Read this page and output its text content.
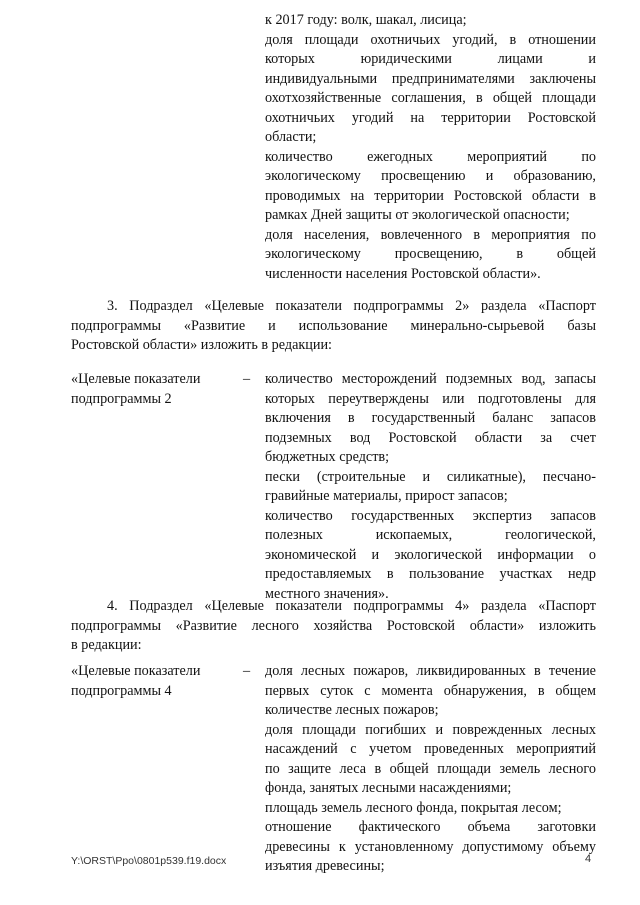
к 2017 году: волк, шакал, лисица;
доля площади охотничьих угодий, в отношении
которых	юридическими	лицами	и
индивидуальными предпринимателями заключены
охотхозяйственные соглашения, в общей площади
охотничьих угодий на территории Ростовской
области;
количество ежегодных мероприятий по
экологическому просвещению и образованию,
проводимых на территории Ростовской области в
рамках Дней защиты от экологической опасности;
доля населения, вовлеченного в мероприятия по
экологическому просвещению, в общей
численности населения Ростовской области».
3. Подраздел «Целевые показатели подпрограммы 2» раздела «Паспорт
подпрограммы «Развитие и использование минерально-сырьевой базы
Ростовской области» изложить в редакции:
«Целевые показатели
подпрограммы 2
– количество месторождений подземных вод, запасы
которых переутверждены или подготовлены для
включения в государственный баланс запасов
подземных вод Ростовской области за счет
бюджетных средств;
пески (строительные и силикатные), песчано-
гравийные материалы, прирост запасов;
количество государственных экспертиз запасов
полезных	ископаемых,	геологической,
экономической и экологической информации о
предоставляемых в пользование участках недр
местного значения».
4. Подраздел «Целевые показатели подпрограммы 4» раздела «Паспорт
подпрограммы «Развитие лесного хозяйства Ростовской области» изложить
в редакции:
«Целевые показатели
подпрограммы 4
– доля лесных пожаров, ликвидированных в течение
первых суток с момента обнаружения, в общем
количестве лесных пожаров;
доля площади погибших и поврежденных лесных
насаждений с учетом проведенных мероприятий
по защите леса в общей площади земель лесного
фонда, занятых лесными насаждениями;
площадь земель лесного фонда, покрытая лесом;
отношение фактического объема заготовки
древесины к установленному допустимому объему
изъятия древесины;
Y:\ORST\Ppo\0801p539.f19.docx	4
